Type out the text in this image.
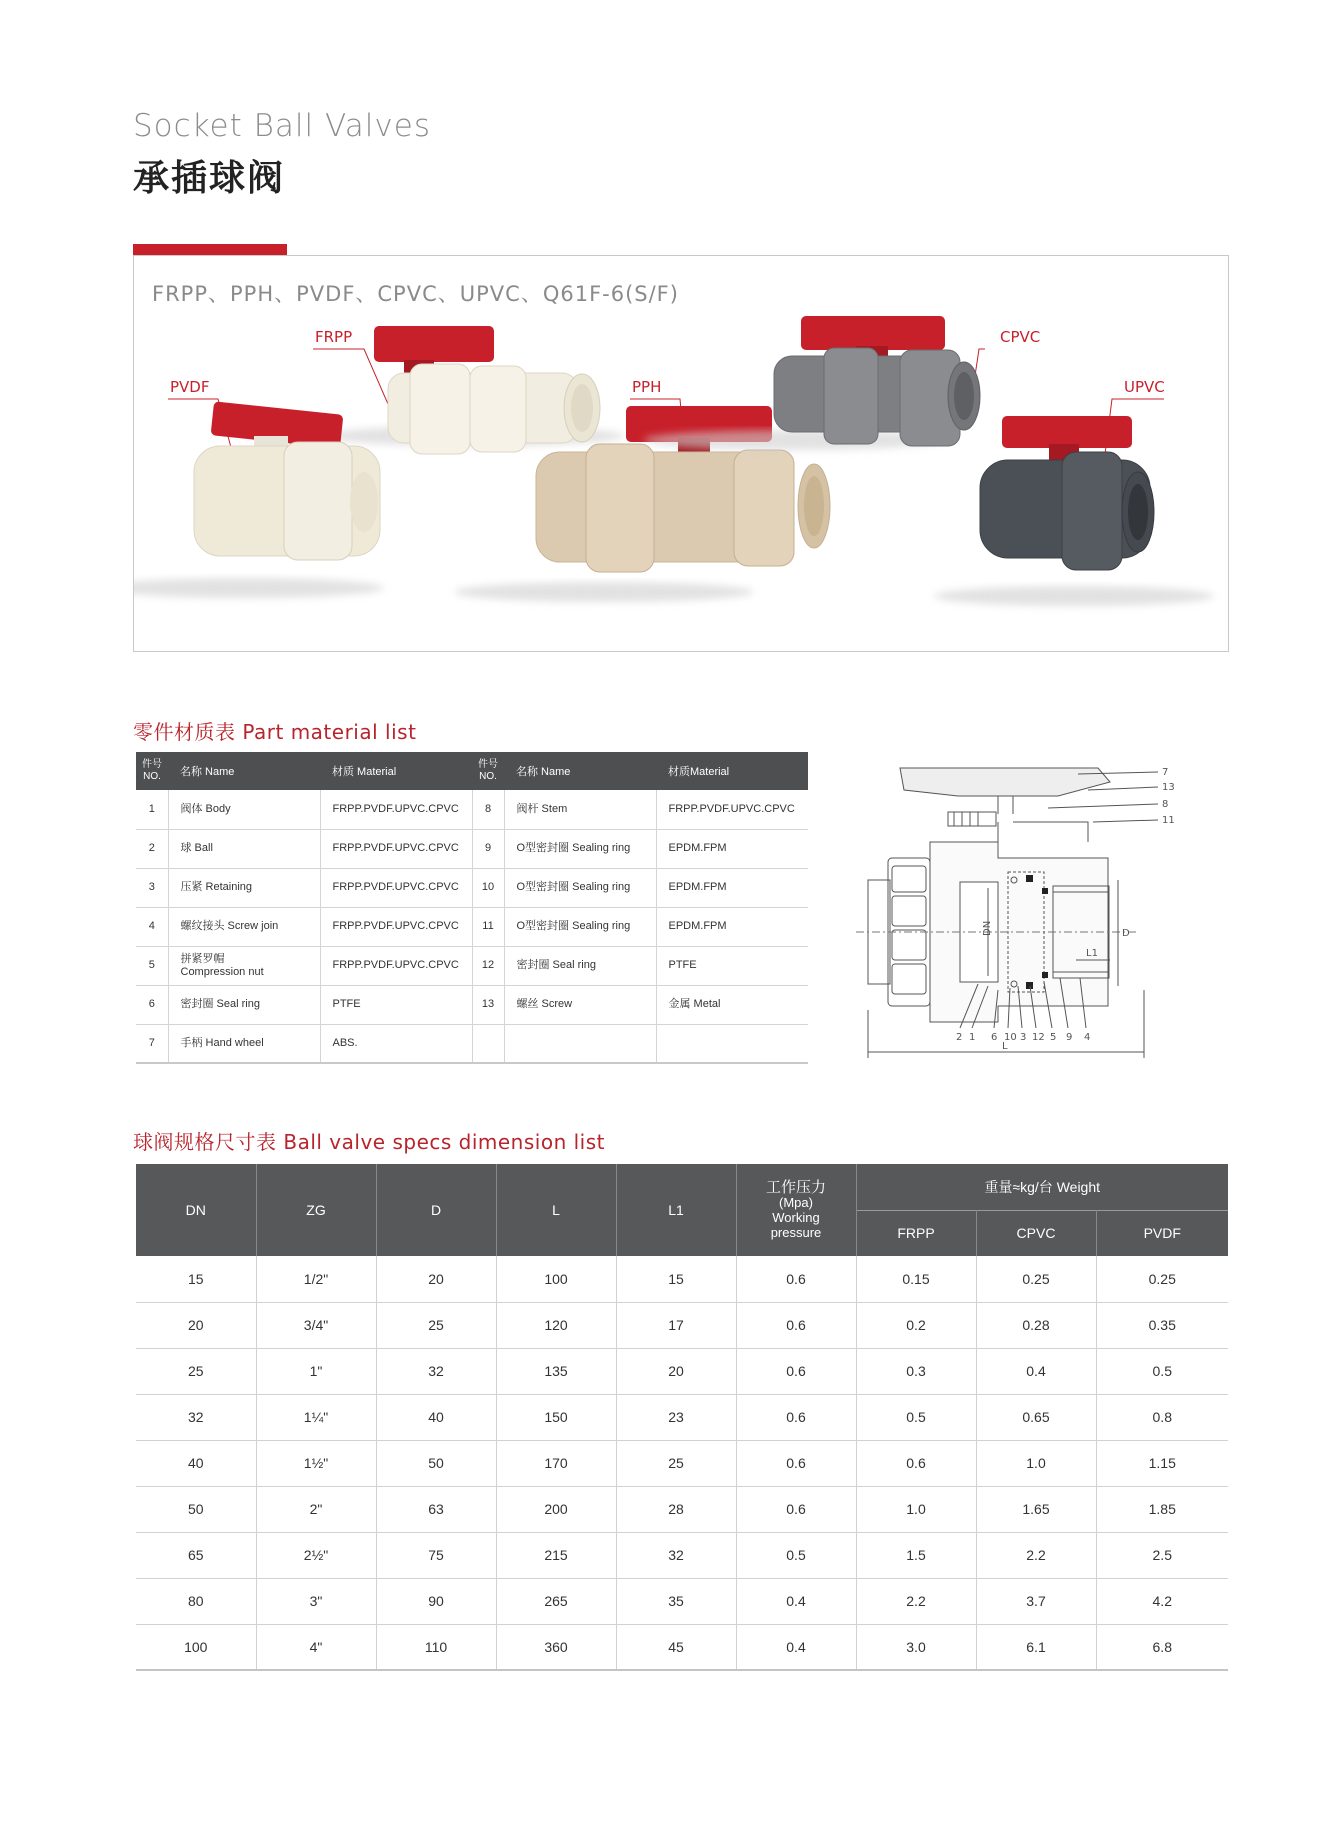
Socket Ball Valves
承插球阀
FRPP、PPH、PVDF、CPVC、UPVC、Q61F-6(S/F)
PVDF
FRPP
PPH
CPVC
UPVC
零件材质表 Part material list
件号
NO.	名称 Name	材质 Material	件号
NO.	名称 Name	材质Material
1	阀体 Body	FRPP.PVDF.UPVC.CPVC	8	阀杆 Stem	FRPP.PVDF.UPVC.CPVC
2	球 Ball	FRPP.PVDF.UPVC.CPVC	9	O型密封圈 Sealing ring	EPDM.FPM
3	压紧 Retaining	FRPP.PVDF.UPVC.CPVC	10	O型密封圈 Sealing ring	EPDM.FPM
4	螺纹接头 Screw join	FRPP.PVDF.UPVC.CPVC	11	O型密封圈 Sealing ring	EPDM.FPM
5	拼紧罗帽
Compression nut	FRPP.PVDF.UPVC.CPVC	12	密封圈 Seal ring	PTFE
6	密封圈 Seal ring	PTFE	13	螺丝 Screw	金属 Metal
7	手柄 Hand wheel	ABS.			
7
13
8
11
2 1 6 10 3 12 5 9 4
DN	D
L1
L
球阀规格尺寸表 Ball valve specs dimension list
DN	ZG	D	L	L1	工作压力
(Mpa)
Working
pressure	重量≈kg/台 Weight		
						FRPP	CPVC	PVDF
15	1/2"	20	100	15	0.6	0.15	0.25	0.25
20	3/4"	25	120	17	0.6	0.2	0.28	0.35
25	1"	32	135	20	0.6	0.3	0.4	0.5
32	1¼"	40	150	23	0.6	0.5	0.65	0.8
40	1½"	50	170	25	0.6	0.6	1.0	1.15
50	2"	63	200	28	0.6	1.0	1.65	1.85
65	2½"	75	215	32	0.5	1.5	2.2	2.5
80	3"	90	265	35	0.4	2.2	3.7	4.2
100	4"	110	360	45	0.4	3.0	6.1	6.8
